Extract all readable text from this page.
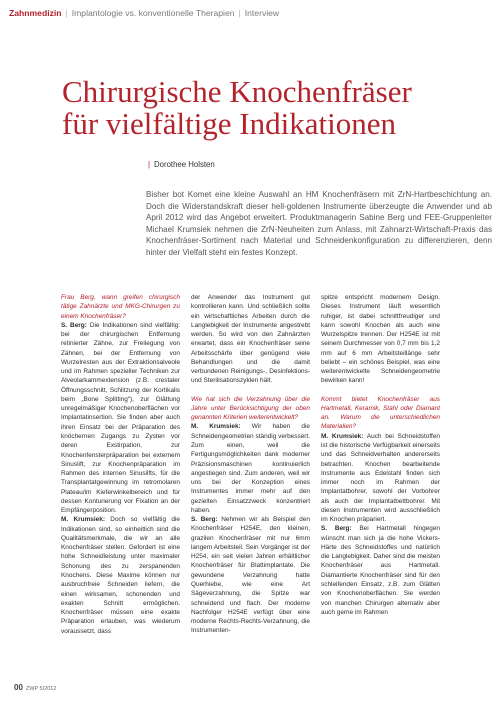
Zahnmedizin | Implantologie vs. konventionelle Therapien | Interview
Chirurgische Knochenfräser
für vielfältige Indikationen
| Dorothee Holsten
Bisher bot Komet eine kleine Auswahl an HM Knochenfräsern mit ZrN-Hartbeschichtung an. Doch die Widerstandskraft dieser hell-goldenen Instrumente überzeugte die Anwender und ab April 2012 wird das Angebot erweitert. Produktmanagerin Sabine Berg und FEE-Gruppenleiter Michael Krumsiek nehmen die ZrN-Neuheiten zum Anlass, mit Zahnarzt-Wirtschaft-Praxis das Knochenfräser-Sortiment nach Material und Schneidenkonfiguration zu differenzieren, denn hinter der Vielfalt steht ein festes Konzept.

Frau Berg, wann greifen chirurgisch tätige Zahnärzte und MKG-Chirurgen zu einem Knochenfräser?

S. Berg: Die Indikationen sind vielfältig: bei der chirurgischen Entfernung retinierter Zähne, zur Freilegung von Zähnen, bei der Entfernung von Wurzelresten aus der Extraktionsalveole und im Rahmen spezieller Techniken zur Alveolarkammextension (z.B. crestaler Öffnungsschnitt, Schlitzung der Kortikalis beim „Bone Splitting“), zur Glättung unregelmäßiger Knochenoberflächen vor Implantatinsertion. Sie finden aber auch ihren Einsatz bei der Präparation des knöchernen Zugangs zu Zysten vor deren Exstirpation, zur Knochenfensterpräparation bei externem Sinuslift, zur Knochenpräparation im Rahmen des internen Sinuslifts, für die Transplantatgewinnung im retromolaren Plateau/im Kieferwinkelbereich und für dessen Konturierung vor Fixation an der Empfängerposition.

M. Krumsiek: Doch so vielfältig die Indikationen sind, so einheitlich sind die Qualitätsmerkmale, die wir an alle Knochenfräser stellen. Gefordert ist eine hohe Schneidleistung unter maximaler Schonung des zu zerspanenden Knochens. Diese Maxime können nur ausbruchfreie Schneiden liefern, die einen wirksamen, schonenden und exakten Schnitt ermöglichen. Knochenfräser müssen eine exakte Präparation erlauben, was wiederum voraussetzt, dass

der Anwender das Instrument gut kontrollieren kann. Und schließlich sollte ein wirtschaftliches Arbeiten durch die Langlebigkeit der Instrumente angestrebt werden. So wird von den Zahnärzten erwartet, dass ein Knochenfräser seine Arbeitsschärfe über genügend viele Behandlungen und die damit verbundenen Reinigungs-, Desinfektions- und Sterilisationszyklen hält.

Wie hat sich die Verzahnung über die Jahre unter Berücksichtigung der oben genannten Kriterien weiterentwickelt?

M. Krumsiek: Wir haben die Schneidengeometrien ständig verbessert. Zum einen, weil die Fertigungsmöglichkeiten dank moderner Präzisionsmaschinen kontinuierlich angestiegen sind. Zum anderen, weil wir uns bei der Konzeption eines Instrumentes immer mehr auf den gezielten Einsatzzweck konzentriert haben.

S. Berg: Nehmen wir als Beispiel den Knochenfräser H254E, den kleinen, grazilen Knochenfräser mit nur 6mm langem Arbeitsteil. Sein Vorgänger ist der H254, ein seit vielen Jahren erhältlicher Knochenfräser für Blattimplantate. Die gewundene Verzahnung hatte Querhiebe, wie eine Art Sägeverzahnung, die Spitze war schneidend und flach. Der moderne Nachfolger H254E verfügt über eine moderne Rechts-Rechts-Verzahnung, die Instrumenten-

spitze entspricht modernem Design. Dieses Instrument läuft wesentlich ruhiger, ist dabei schnittfreudiger und kann sowohl Knochen als auch eine Wurzelspitze trennen. Der H254E ist mit seinem Durchmesser von 0,7 mm bis 1,2 mm auf 6 mm Arbeitsteillänge sehr beliebt – ein schönes Beispiel, was eine weiterentwickelte Schneidengeometrie bewirken kann!

Kommt bietet Knochenfräser aus Hartmetall, Keramik, Stahl oder Diamant an. Warum die unterschiedlichen Materialien?

M. Krumsiek: Auch bei Schneidstoffen ist die historische Verfügbarkeit einerseits und das Schneidverhalten andererseits betrachten. Knochen bearbeitende Instrumente aus Edelstahl finden sich immer noch im Rahmen der Implantatbohrer, sowohl der Vorbohrer als auch der Implantatbettbohrer. Mit diesen Instrumenten wird ausschließlich im Knochen präpariert.

S. Berg: Bei Hartmetall hingegen wünscht man sich ja die hohe Vickers-Härte des Schneidstoffes und natürlich die Langlebigkeit. Daher sind die meisten Knochenfräser aus Hartmetall. Diamantierte Knochenfräser sind für den schleifenden Einsatz, z.B. zum Glätten von Knochenoberflächen. Sie werden von manchen Chirurgen alternativ aber auch gerne im Rahmen

00 ZWP 5/2012
